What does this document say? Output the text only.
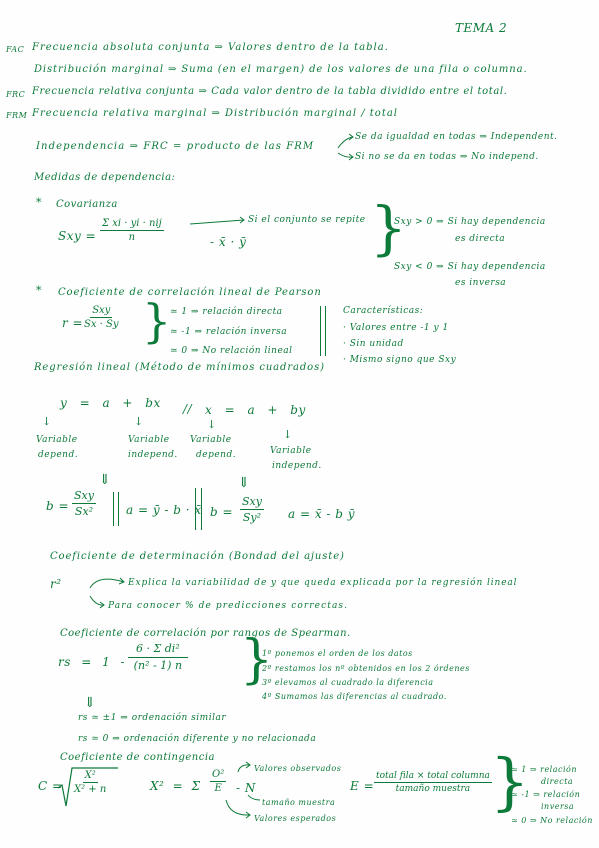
TEMA 2
FAC Frecuencia absoluta conjunta ⇒ Valores dentro de la tabla.
Distribución marginal ⇒ Suma (en el margen) de los valores de una fila o columna.
FRC Frecuencia relativa conjunta ⇒ Cada valor dentro de la tabla dividido entre el total.
FRM Frecuencia relativa marginal ⇒ Distribución marginal / total
Independencia ⇒ FRC = producto de las FRM
Se da igualdad en todas ⇒ Independent.
Si no se da en todas ⇒ No independ.
Medidas de dependencia:
* Covarianza
Sxy =
Σ xi · yi · nij
n	- x̄ · ȳ
Si el conjunto se repite }
Sxy > 0 ⇒ Si hay dependencia
es directa
Sxy < 0 ⇒ Si hay dependencia
es inversa
* Coeficiente de correlación lineal de Pearson
r =
Sxy
Sx · Sy }
≃ 1 ⇒ relación directa
≃ -1 ⇒ relación inversa
≃ 0 ⇒ No relación lineal
Características:
· Valores entre -1 y 1
· Sin unidad
· Mismo signo que Sxy
Regresión lineal (Método de mínimos cuadrados)
y = a + bx // x = a + by
↓
Variable
depend.
↓
Variable
independ.
↓
Variable
depend.
↓
Variable
independ.
⇓	⇓
b =
Sxy
Sx²	a = ȳ - b · x̄ b =
Sxy
Sy² a = x̄ - b ȳ
Coeficiente de determinación (Bondad del ajuste)
r²	Explica la variabilidad de y que queda explicada por la regresión lineal
Para conocer % de predicciones correctas.
Coeficiente de correlación por rangos de Spearman.
rs = $1 - \frac{\text{6 · Σ di²}}{\text{(n² - 1) n}}$ }
1º ponemos el orden de los datos
2º restamos los nº obtenidos en los 2 órdenes
3º elevamos al cuadrado la diferencia
4º Sumamos las diferencias al cuadrado.
⇓
rs ≃ ±1 ⇒ ordenación similar
rs ≃ 0 ⇒ ordenación diferente y no relacionada
Coeficiente de contingencia
$C = \frac{\text{X²}}{\text{X² + n}}$	X² = Σ $\frac{\text{O²}}{E}$ - N
Valores observados
tamaño muestra
Valores esperados
E =
total fila × total columna
tamaño muestra }
≃ 1 ⇒ relación
directa
≃ -1 ⇒ relación
inversa
≃ 0 ⇒ No relación
